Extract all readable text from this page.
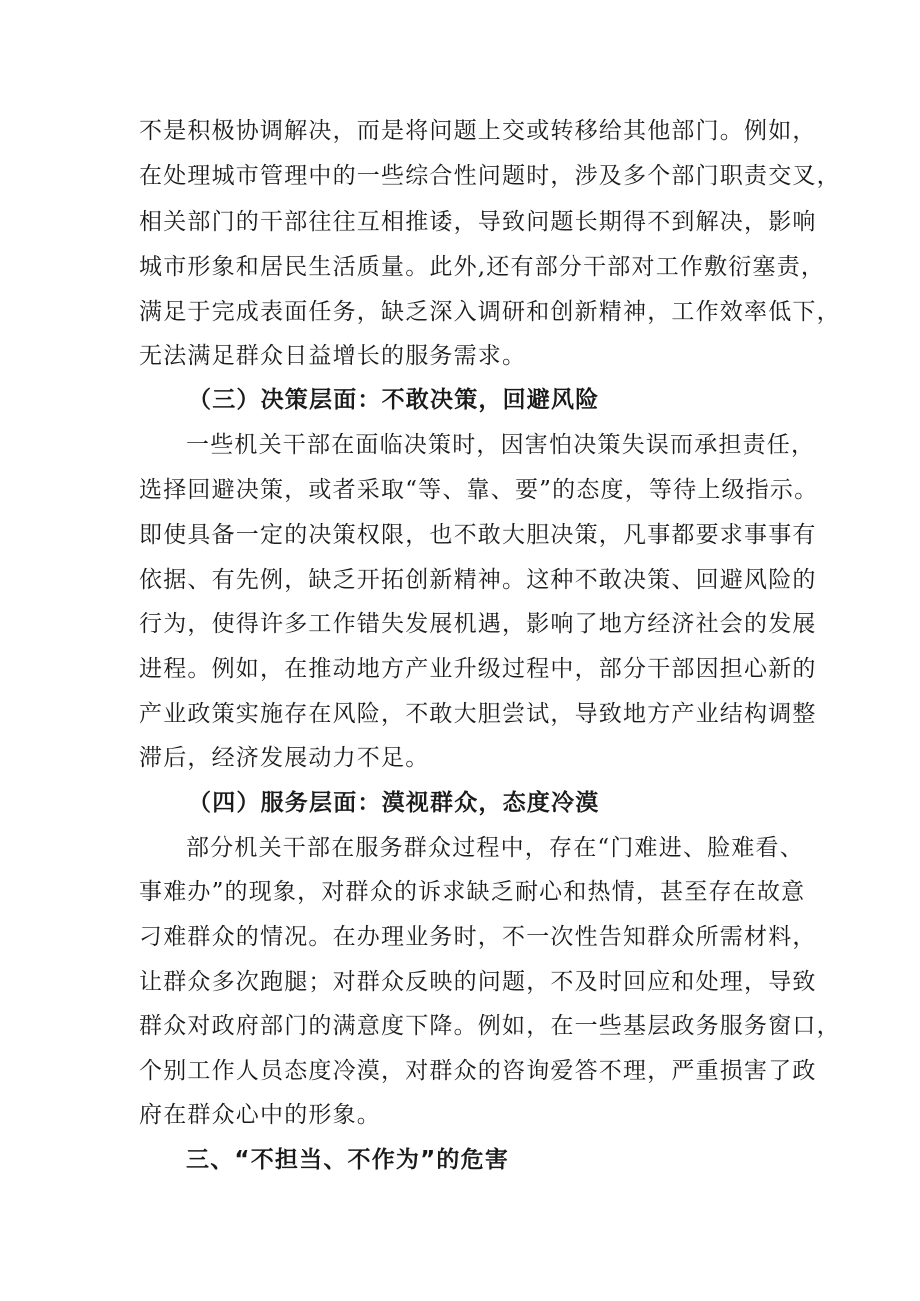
不是积极协调解决，而是将问题上交或转移给其他部门。例如，
在处理城市管理中的一些综合性问题时，涉及多个部门职责交叉，
相关部门的干部往往互相推诿，导致问题长期得不到解决，影响
城市形象和居民生活质量。此外,还有部分干部对工作敷衍塞责，
满足于完成表面任务，缺乏深入调研和创新精神，工作效率低下，
无法满足群众日益增长的服务需求。
（三）决策层面：不敢决策，回避风险
一些机关干部在面临决策时，因害怕决策失误而承担责任，
选择回避决策，或者采取“等、靠、要”的态度，等待上级指示。
即使具备一定的决策权限，也不敢大胆决策，凡事都要求事事有
依据、有先例，缺乏开拓创新精神。这种不敢决策、回避风险的
行为，使得许多工作错失发展机遇，影响了地方经济社会的发展
进程。例如，在推动地方产业升级过程中，部分干部因担心新的
产业政策实施存在风险，不敢大胆尝试，导致地方产业结构调整
滞后，经济发展动力不足。
（四）服务层面：漠视群众，态度冷漠
部分机关干部在服务群众过程中，存在“门难进、脸难看、
事难办”的现象，对群众的诉求缺乏耐心和热情，甚至存在故意
刁难群众的情况。在办理业务时，不一次性告知群众所需材料，
让群众多次跑腿；对群众反映的问题，不及时回应和处理，导致
群众对政府部门的满意度下降。例如，在一些基层政务服务窗口，
个别工作人员态度冷漠，对群众的咨询爱答不理，严重损害了政
府在群众心中的形象。
三、“不担当、不作为”的危害
